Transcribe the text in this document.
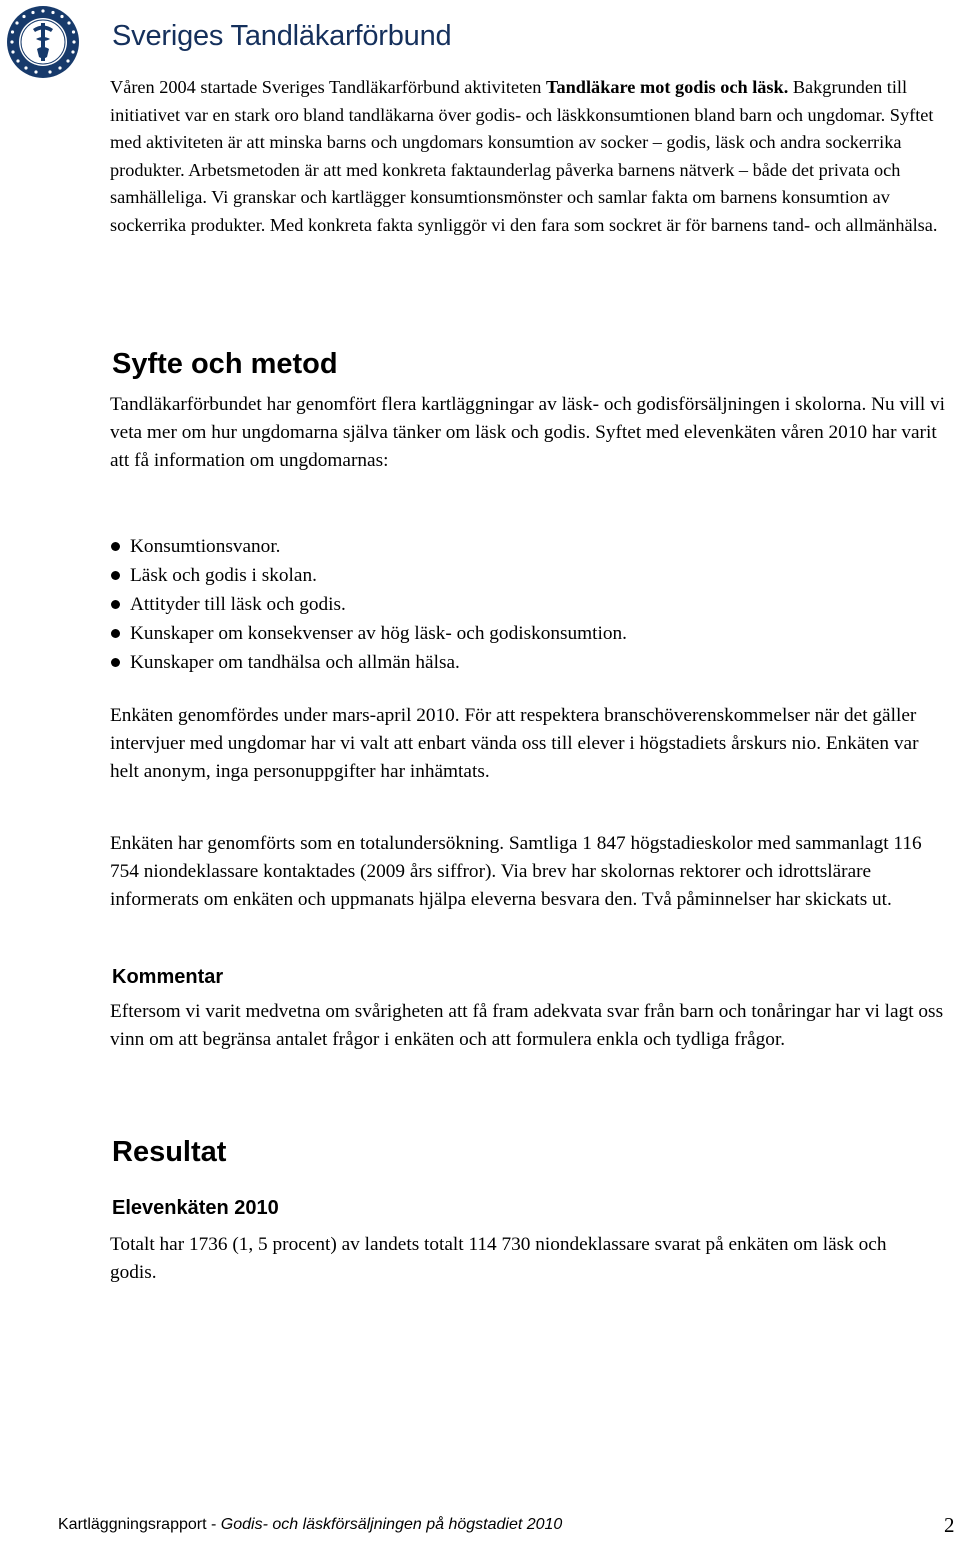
Sveriges Tandläkarförbund

Våren 2004 startade Sveriges Tandläkarförbund aktiviteten Tandläkare mot godis och läsk. Bakgrunden till initiativet var en stark oro bland tandläkarna över godis- och läskkonsumtionen bland barn och ungdomar. Syftet med aktiviteten är att minska barns och ungdomars konsumtion av socker – godis, läsk och andra sockerrika produkter. Arbetsmetoden är att med konkreta faktaunderlag påverka barnens nätverk – både det privata och samhälleliga. Vi granskar och kartlägger konsumtionsmönster och samlar fakta om barnens konsumtion av sockerrika produkter. Med konkreta fakta synliggör vi den fara som sockret är för barnens tand- och allmänhälsa.

Syfte och metod

Tandläkarförbundet har genomfört flera kartläggningar av läsk- och godisförsäljningen i skolorna. Nu vill vi veta mer om hur ungdomarna själva tänker om läsk och godis. Syftet med elevenkäten våren 2010 har varit att få information om ungdomarnas:

Konsumtionsvanor.
Läsk och godis i skolan.
Attityder till läsk och godis.
Kunskaper om konsekvenser av hög läsk- och godiskonsumtion.
Kunskaper om tandhälsa och allmän hälsa.

Enkäten genomfördes under mars-april 2010. För att respektera branschöverenskommelser när det gäller intervjuer med ungdomar har vi valt att enbart vända oss till elever i högstadiets årskurs nio. Enkäten var helt anonym, inga personuppgifter har inhämtats.

Enkäten har genomförts som en totalundersökning. Samtliga 1 847 högstadieskolor med sammanlagt 116 754 niondeklassare kontaktades (2009 års siffror). Via brev har skolornas rektorer och idrottslärare informerats om enkäten och uppmanats hjälpa eleverna besvara den. Två påminnelser har skickats ut.

Kommentar

Eftersom vi varit medvetna om svårigheten att få fram adekvata svar från barn och tonåringar har vi lagt oss vinn om att begränsa antalet frågor i enkäten och att formulera enkla och tydliga frågor.

Resultat
Elevenkäten 2010

Totalt har 1736 (1, 5 procent) av landets totalt 114 730 niondeklassare svarat på enkäten om läsk och godis.

Kartläggningsrapport - Godis- och läskförsäljningen på högstadiet 2010	2
